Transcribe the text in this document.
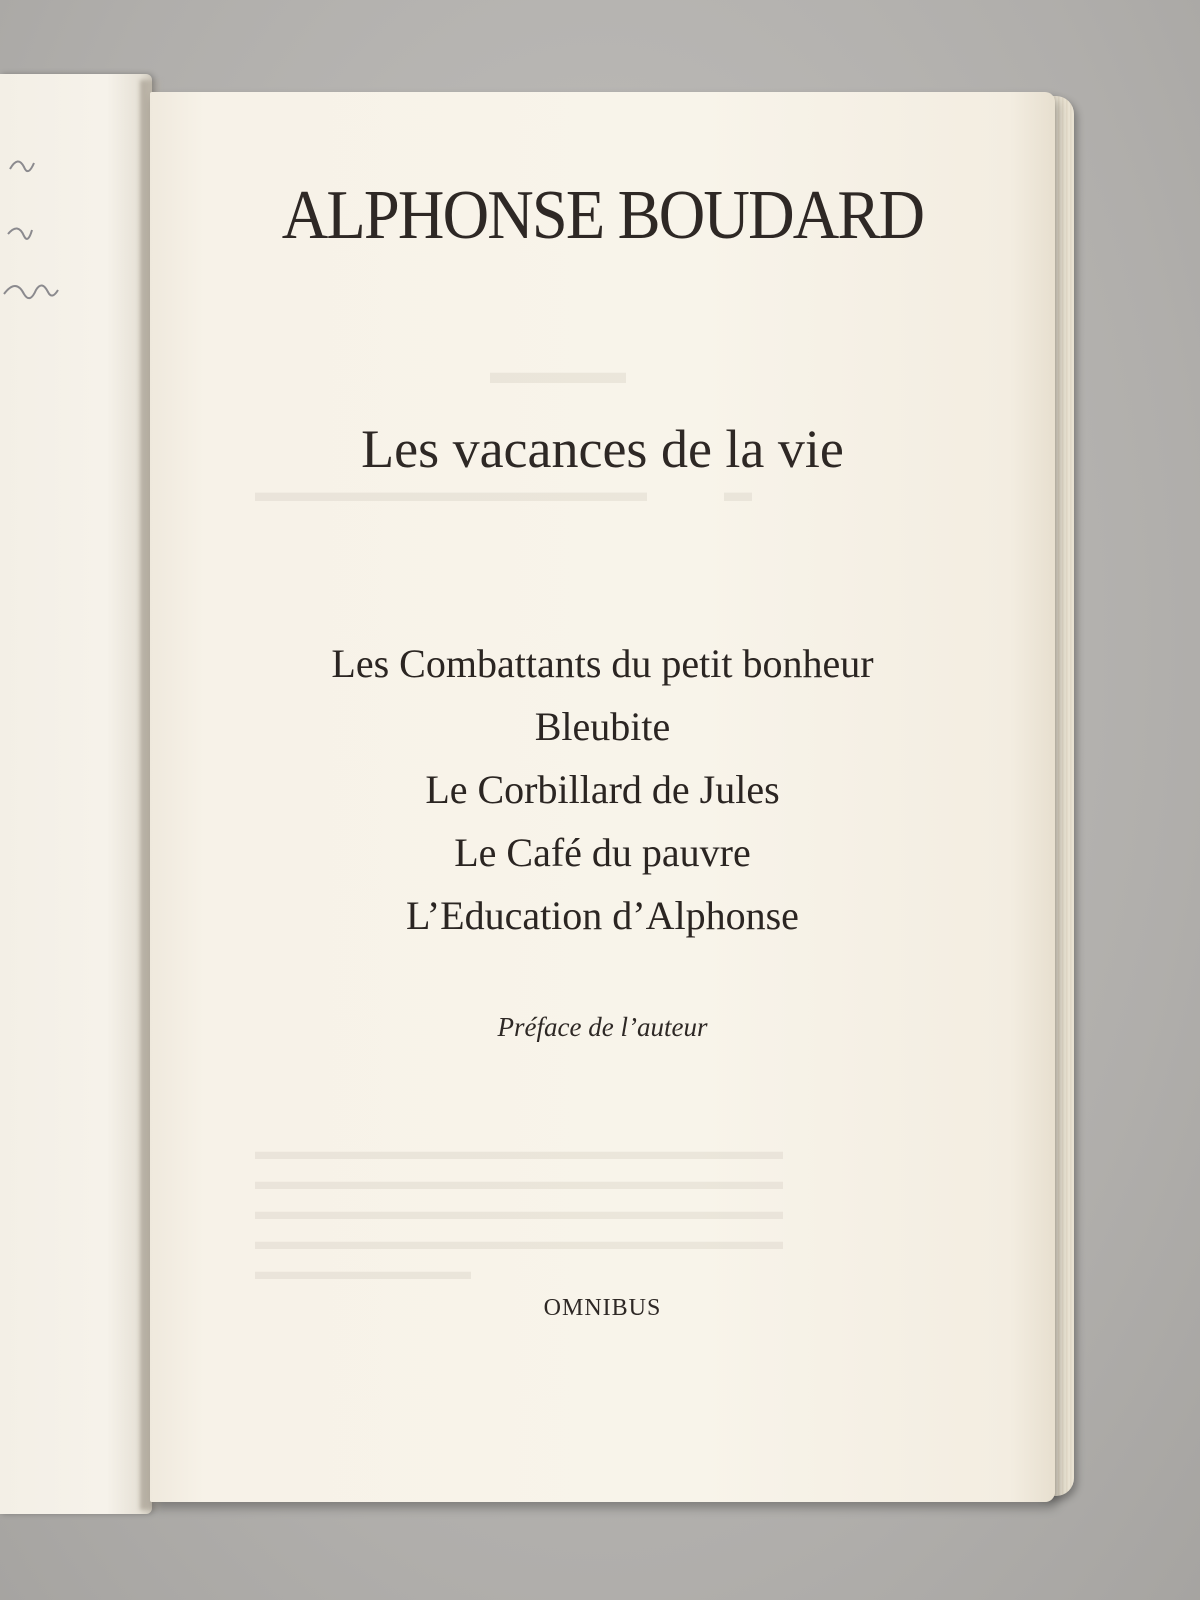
▬▬▬▬
▬▬▬▬▬▬▬▬▬▬▬▬▬▬           ▬
▬▬▬▬▬▬▬▬▬▬▬▬▬▬▬▬▬▬▬▬▬▬
▬▬▬▬▬▬▬▬▬▬▬▬▬▬▬▬▬▬▬▬▬▬
▬▬▬▬▬▬▬▬▬▬▬▬▬▬▬▬▬▬▬▬▬▬
▬▬▬▬▬▬▬▬▬▬▬▬▬▬▬▬▬▬▬▬▬▬
▬▬▬▬▬▬▬▬▬
ALPHONSE BOUDARD
Les vacances de la vie
Les Combattants du petit bonheur
Bleubite
Le Corbillard de Jules
Le Café du pauvre
L’Education d’Alphonse
Préface de l’auteur
OMNIBUS
